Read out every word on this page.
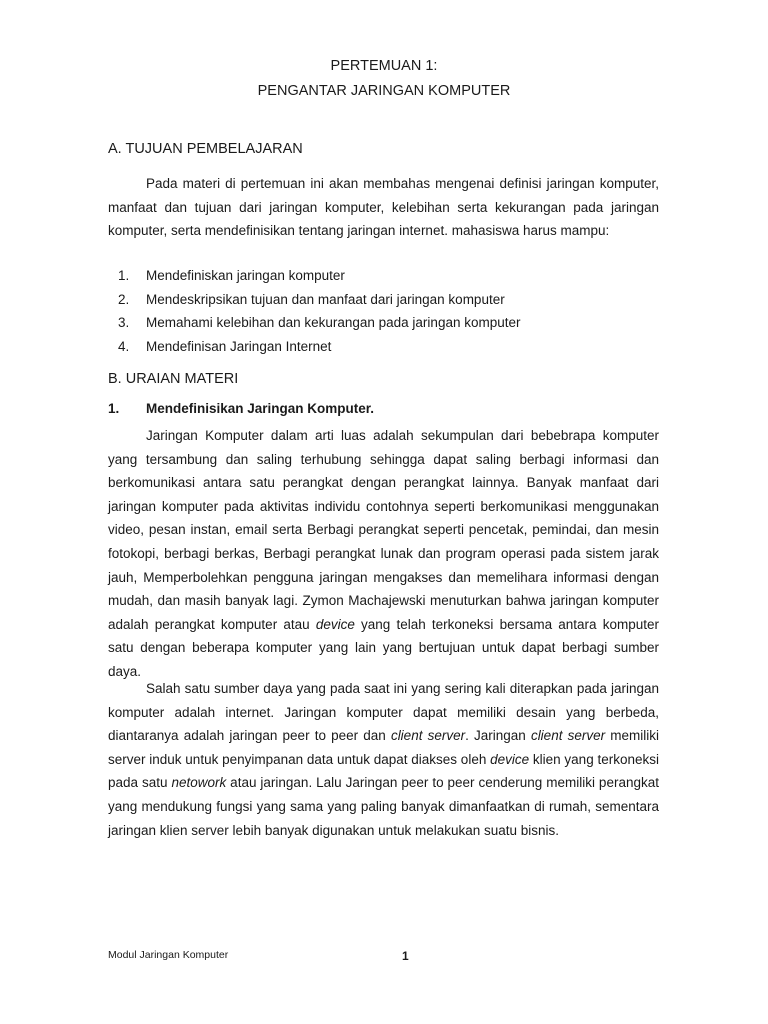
PERTEMUAN 1:
PENGANTAR JARINGAN KOMPUTER
A. TUJUAN PEMBELAJARAN

Pada materi di pertemuan ini akan membahas mengenai definisi jaringan komputer, manfaat dan tujuan dari jaringan komputer, kelebihan serta kekurangan pada jaringan komputer, serta mendefinisikan tentang jaringan internet. mahasiswa harus mampu:

1. Mendefiniskan jaringan komputer
2. Mendeskripsikan tujuan dan manfaat dari jaringan komputer
3. Memahami kelebihan dan kekurangan pada jaringan komputer
4. Mendefinisan Jaringan Internet
B. URAIAN MATERI
1. Mendefinisikan Jaringan Komputer.

Jaringan Komputer dalam arti luas adalah sekumpulan dari bebebrapa komputer yang tersambung dan saling terhubung sehingga dapat saling berbagi informasi dan berkomunikasi antara satu perangkat dengan perangkat lainnya. Banyak manfaat dari jaringan komputer pada aktivitas individu contohnya seperti berkomunikasi menggunakan video, pesan instan, email serta Berbagi perangkat seperti pencetak, pemindai, dan mesin fotokopi, berbagi berkas, Berbagi perangkat lunak dan program operasi pada sistem jarak jauh, Memperbolehkan pengguna jaringan mengakses dan memelihara informasi dengan mudah, dan masih banyak lagi. Zymon Machajewski menuturkan bahwa jaringan komputer adalah perangkat komputer atau device yang telah terkoneksi bersama antara komputer satu dengan beberapa komputer yang lain yang bertujuan untuk dapat berbagi sumber daya.

Salah satu sumber daya yang pada saat ini yang sering kali diterapkan pada jaringan komputer adalah internet. Jaringan komputer dapat memiliki desain yang berbeda, diantaranya adalah jaringan peer to peer dan client server. Jaringan client server memiliki server induk untuk penyimpanan data untuk dapat diakses oleh device klien yang terkoneksi pada satu netowork atau jaringan. Lalu Jaringan peer to peer cenderung memiliki perangkat yang mendukung fungsi yang sama yang paling banyak dimanfaatkan di rumah, sementara jaringan klien server lebih banyak digunakan untuk melakukan suatu bisnis.

Modul Jaringan Komputer	1
